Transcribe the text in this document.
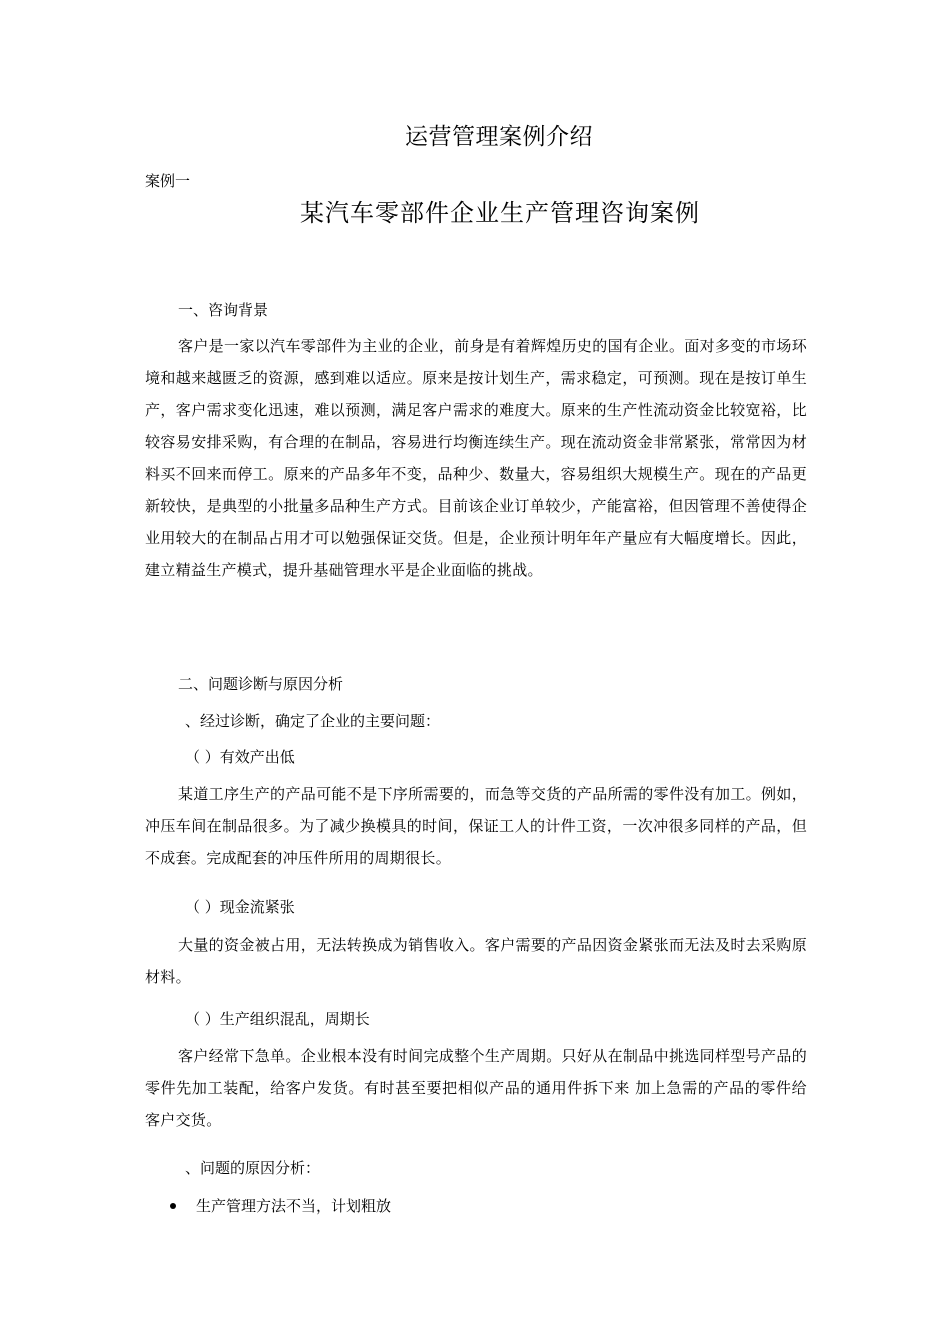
运营管理案例介绍
案例一
某汽车零部件企业生产管理咨询案例
一、咨询背景
客户是一家以汽车零部件为主业的企业，前身是有着辉煌历史的国有企业。面对多变的市场环境和越来越匮乏的资源，感到难以适应。原来是按计划生产，需求稳定，可预测。现在是按订单生产，客户需求变化迅速，难以预测，满足客户需求的难度大。原来的生产性流动资金比较宽裕，比较容易安排采购，有合理的在制品，容易进行均衡连续生产。现在流动资金非常紧张，常常因为材料买不回来而停工。原来的产品多年不变，品种少、数量大，容易组织大规模生产。现在的产品更新较快，是典型的小批量多品种生产方式。目前该企业订单较少，产能富裕，但因管理不善使得企业用较大的在制品占用才可以勉强保证交货。但是，企业预计明年年产量应有大幅度增长。因此，建立精益生产模式，提升基础管理水平是企业面临的挑战。
二、问题诊断与原因分析
、经过诊断，确定了企业的主要问题：
（ ）有效产出低
某道工序生产的产品可能不是下序所需要的，而急等交货的产品所需的零件没有加工。例如，冲压车间在制品很多。为了减少换模具的时间，保证工人的计件工资，一次冲很多同样的产品，但不成套。完成配套的冲压件所用的周期很长。
（ ）现金流紧张
大量的资金被占用，无法转换成为销售收入。客户需要的产品因资金紧张而无法及时去采购原材料。
（ ）生产组织混乱，周期长
客户经常下急单。企业根本没有时间完成整个生产周期。只好从在制品中挑选同样型号产品的零件先加工装配，给客户发货。有时甚至要把相似产品的通用件拆下来 加上急需的产品的零件给客户交货。
、问题的原因分析：
生产管理方法不当，计划粗放
